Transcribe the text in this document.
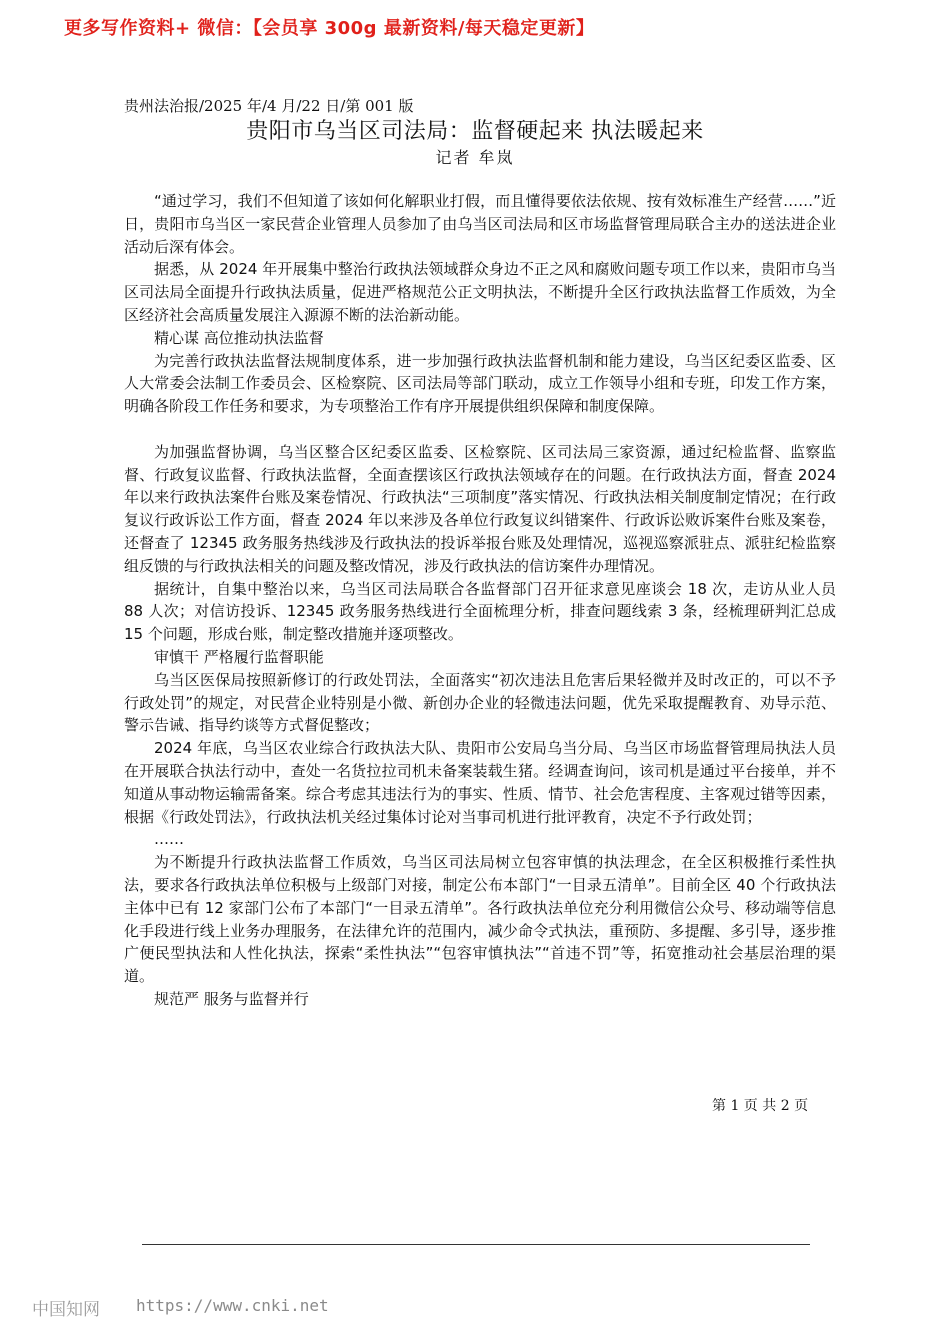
更多写作资料+ 微信：【会员享 300g 最新资料/每天稳定更新】
贵州法治报/2025 年/4 月/22 日/第 001 版
贵阳市乌当区司法局：监督硬起来 执法暖起来
记者 牟岚
“通过学习，我们不但知道了该如何化解职业打假，而且懂得要依法依规、按有效标准生产经营……”近日，贵阳市乌当区一家民营企业管理人员参加了由乌当区司法局和区市场监督管理局联合主办的送法进企业活动后深有体会。
据悉，从 2024 年开展集中整治行政执法领域群众身边不正之风和腐败问题专项工作以来，贵阳市乌当区司法局全面提升行政执法质量，促进严格规范公正文明执法，不断提升全区行政执法监督工作质效，为全区经济社会高质量发展注入源源不断的法治新动能。
精心谋 高位推动执法监督
为完善行政执法监督法规制度体系，进一步加强行政执法监督机制和能力建设，乌当区纪委区监委、区人大常委会法制工作委员会、区检察院、区司法局等部门联动，成立工作领导小组和专班，印发工作方案，明确各阶段工作任务和要求，为专项整治工作有序开展提供组织保障和制度保障。
为加强监督协调，乌当区整合区纪委区监委、区检察院、区司法局三家资源，通过纪检监督、监察监督、行政复议监督、行政执法监督，全面查摆该区行政执法领域存在的问题。在行政执法方面，督查 2024 年以来行政执法案件台账及案卷情况、行政执法“三项制度”落实情况、行政执法相关制度制定情况；在行政复议行政诉讼工作方面，督查 2024 年以来涉及各单位行政复议纠错案件、行政诉讼败诉案件台账及案卷，还督查了 12345 政务服务热线涉及行政执法的投诉举报台账及处理情况，巡视巡察派驻点、派驻纪检监察组反馈的与行政执法相关的问题及整改情况，涉及行政执法的信访案件办理情况。
据统计，自集中整治以来，乌当区司法局联合各监督部门召开征求意见座谈会 18 次，走访从业人员 88 人次；对信访投诉、12345 政务服务热线进行全面梳理分析，排查问题线索 3 条，经梳理研判汇总成 15 个问题，形成台账，制定整改措施并逐项整改。
审慎干 严格履行监督职能
乌当区医保局按照新修订的行政处罚法，全面落实“初次违法且危害后果轻微并及时改正的，可以不予行政处罚”的规定，对民营企业特别是小微、新创办企业的轻微违法问题，优先采取提醒教育、劝导示范、警示告诫、指导约谈等方式督促整改；
2024 年底，乌当区农业综合行政执法大队、贵阳市公安局乌当分局、乌当区市场监督管理局执法人员在开展联合执法行动中，查处一名货拉拉司机未备案装载生猪。经调查询问，该司机是通过平台接单，并不知道从事动物运输需备案。综合考虑其违法行为的事实、性质、情节、社会危害程度、主客观过错等因素，根据《行政处罚法》，行政执法机关经过集体讨论对当事司机进行批评教育，决定不予行政处罚；
……
为不断提升行政执法监督工作质效，乌当区司法局树立包容审慎的执法理念，在全区积极推行柔性执法，要求各行政执法单位积极与上级部门对接，制定公布本部门“一目录五清单”。目前全区 40 个行政执法主体中已有 12 家部门公布了本部门“一目录五清单”。各行政执法单位充分利用微信公众号、移动端等信息化手段进行线上业务办理服务，在法律允许的范围内，减少命令式执法，重预防、多提醒、多引导，逐步推广便民型执法和人性化执法，探索“柔性执法”“包容审慎执法”“首违不罚”等，拓宽推动社会基层治理的渠道。
规范严 服务与监督并行
第 1 页 共 2 页
中国知网 https://www.cnki.net
